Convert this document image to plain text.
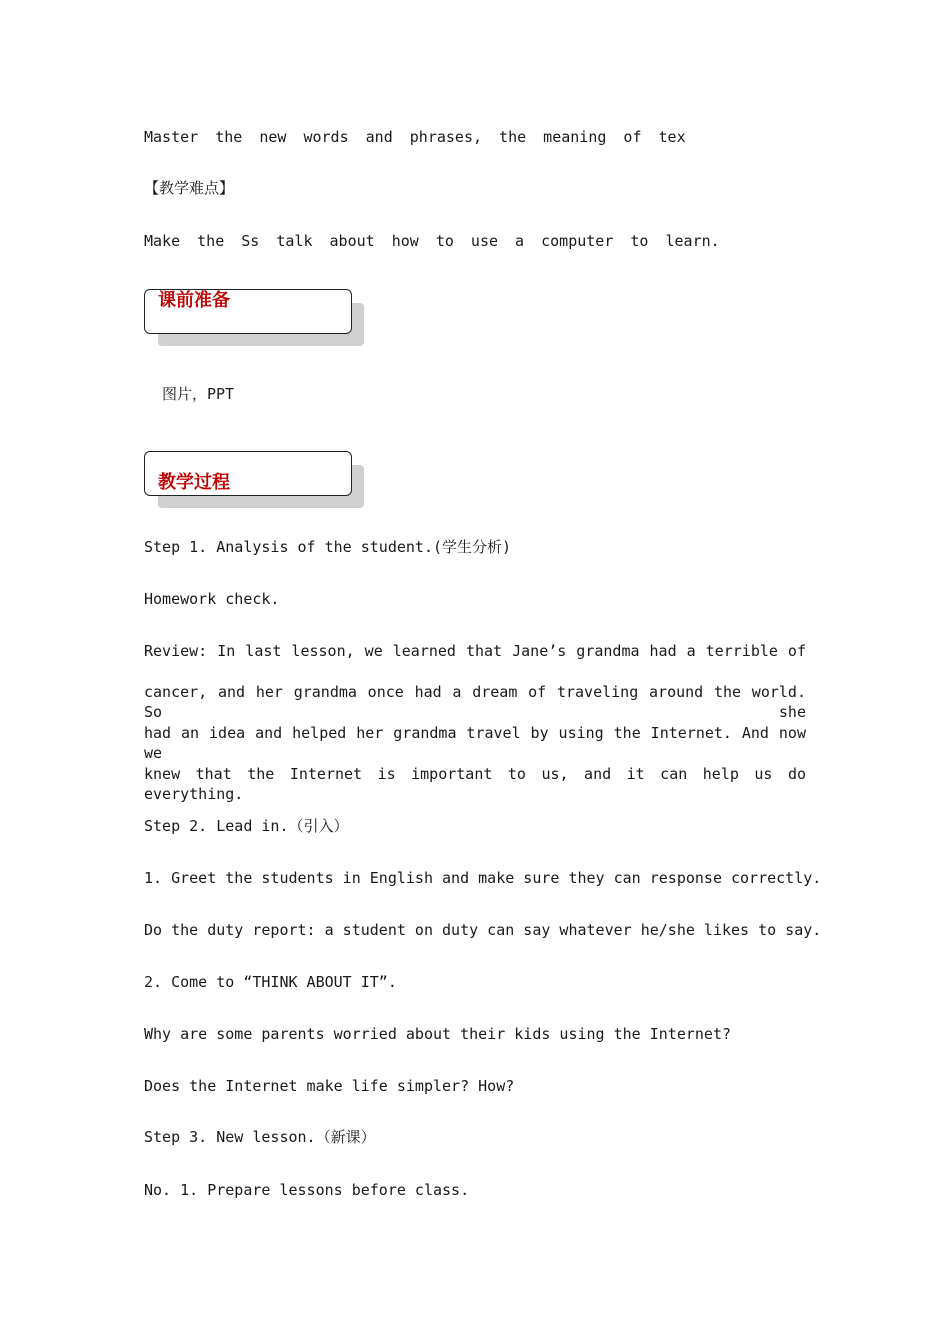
Master the new words and phrases, the meaning of tex
【教学难点】
Make the Ss talk about how to use a computer to learn.
课前准备
图片，PPT
教学过程
Step 1. Analysis of the student.(学生分析)
Homework check.
Review: In last lesson, we learned that Jane’s grandma had a terrible of
cancer, and her grandma once had a dream of traveling around the world. So she
had an idea and helped her grandma travel by using the Internet. And now we
knew that the Internet is important to us, and it can help us do everything.
Step 2. Lead in.（引入）
1. Greet the students in English and make sure they can response correctly.
Do the duty report: a student on duty can say whatever he/she likes to say.
2. Come to “THINK ABOUT IT”.
Why are some parents worried about their kids using the Internet?
Does the Internet make life simpler? How?
Step 3. New lesson.（新课）
No. 1. Prepare lessons before class.
